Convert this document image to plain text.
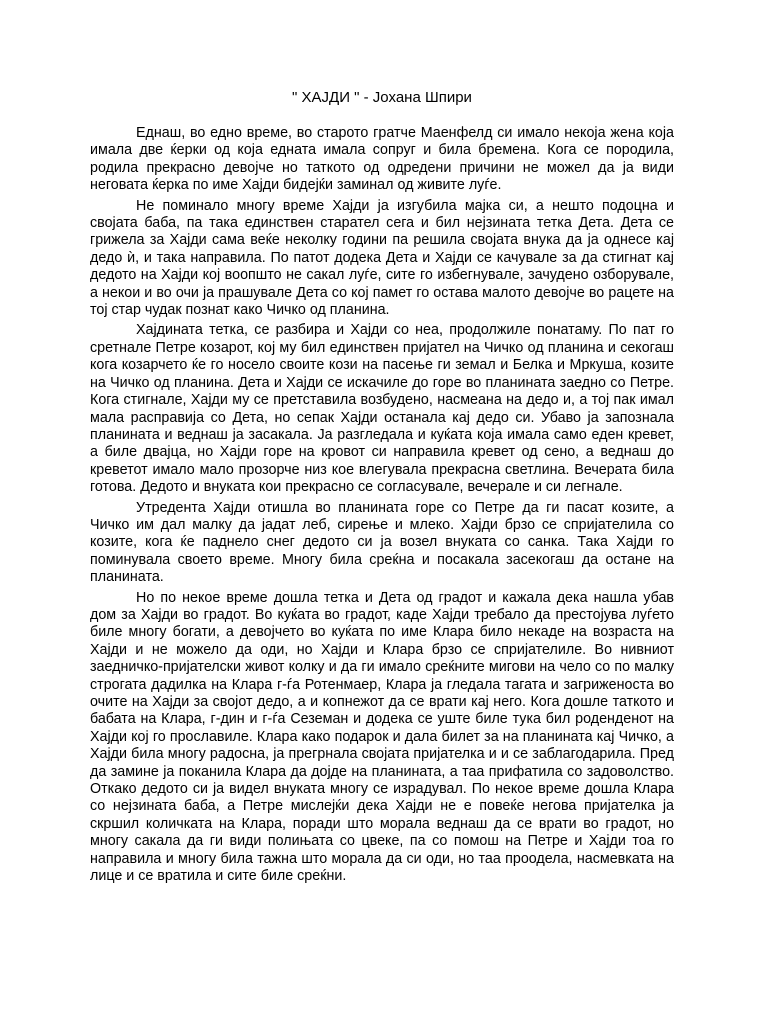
" ХАЈДИ " - Јохана Шпири

Еднаш, во едно време, во старото гратче Маенфелд си имало некоја жена која имала две ќерки од која едната имала сопруг и била бремена. Кога се породила, родила прекрасно девојче но таткото од одредени причини не можел да ја види неговата ќерка по име Хајди бидејќи заминал од живите луѓе.

Не поминало многу време Хајди ја изгубила мајка си, а нешто подоцна и својата баба, па така единствен старател сега и бил нејзината тетка Дета. Дета се грижела за Хајди сама веќе неколку години па решила својата внука да ја однесе кај дедо ѝ, и така направила. По патот додека Дета и Хајди се качувале за да стигнат кај дедото на Хајди кој воопшто не сакал луѓе, сите го избегнувале, зачудено озборувале, а некои и во очи ја прашувале Дета со кој памет го остава малото девојче во рацете на тој стар чудак познат како Чичко од планина.

Хајдината тетка, се разбира и Хајди со неа, продолжиле понатаму. По пат го сретнале Петре козарот, кој му бил единствен пријател на Чичко од планина и секогаш кога козарчето ќе го носело своите кози на пасење ги земал и Белка и Мркуша, козите на Чичко од планина. Дета и Хајди се искачиле до горе во планината заедно со Петре. Кога стигнале, Хајди му се претставила возбудено, насмеана на дедо и, а тој пак имал мала расправија со Дета, но сепак Хајди останала кај дедо си. Убаво ја запознала планината и веднаш ја засакала. Ја разгледала и куќата која имала само еден кревет, а биле двајца, но Хајди горе на кровот си направила кревет од сено, а веднаш до креветот имало мало прозорче низ кое влегувала прекрасна светлина. Вечерата била готова. Дедото и внуката кои прекрасно се согласувале, вечерале и си легнале.

Утредента Хајди отишла во планината горе со Петре да ги пасат козите, а Чичко им дал малку да јадат леб, сирење и млеко. Хајди брзо се спријателила со козите, кога ќе паднело снег дедото си ја возел внуката со санка. Така Хајди го поминувала своето време. Многу била среќна и посакала засекогаш да остане на планината.

Но по некое време дошла тетка и Дета од градот и кажала дека нашла убав дом за Хајди во градот. Во куќата во градот, каде Хајди требало да престојува луѓето биле многу богати, а девојчето во куќата по име Клара било некаде на возраста на Хајди и не можело да оди, но Хајди и Клара брзо се спријателиле. Во нивниот заедничко-пријателски живот колку и да ги имало среќните мигови на чело со по малку строгата дадилка на Клара г-ѓа Ротенмаер, Клара ја гледала тагата и загриженоста во очите на Хајди за својот дедо, а и копнежот да се врати кај него. Кога дошле таткото и бабата на Клара, г-дин и г-ѓа Сеземан и додека се уште биле тука бил роденденот на Хајди кој го прославиле. Клара како подарок и дала билет за на планината кај Чичко, а Хајди била многу радосна, ја прегрнала својата пријателка и и се заблагодарила. Пред да замине ја поканила Клара да дојде на планината, а таа прифатила со задоволство. Откако дедото си ја видел внуката многу се израдувал. По некое време дошла Клара со нејзината баба, а Петре мислејќи дека Хајди не е повеќе негова пријателка ја скршил количката на Клара, поради што морала веднаш да се врати во градот, но многу сакала да ги види полињата со цвеке, па со помош на Петре и Хајди тоа го направила и многу била тажна што морала да си оди, но таа проодела, насмевката на лице и се вратила и сите биле среќни.
